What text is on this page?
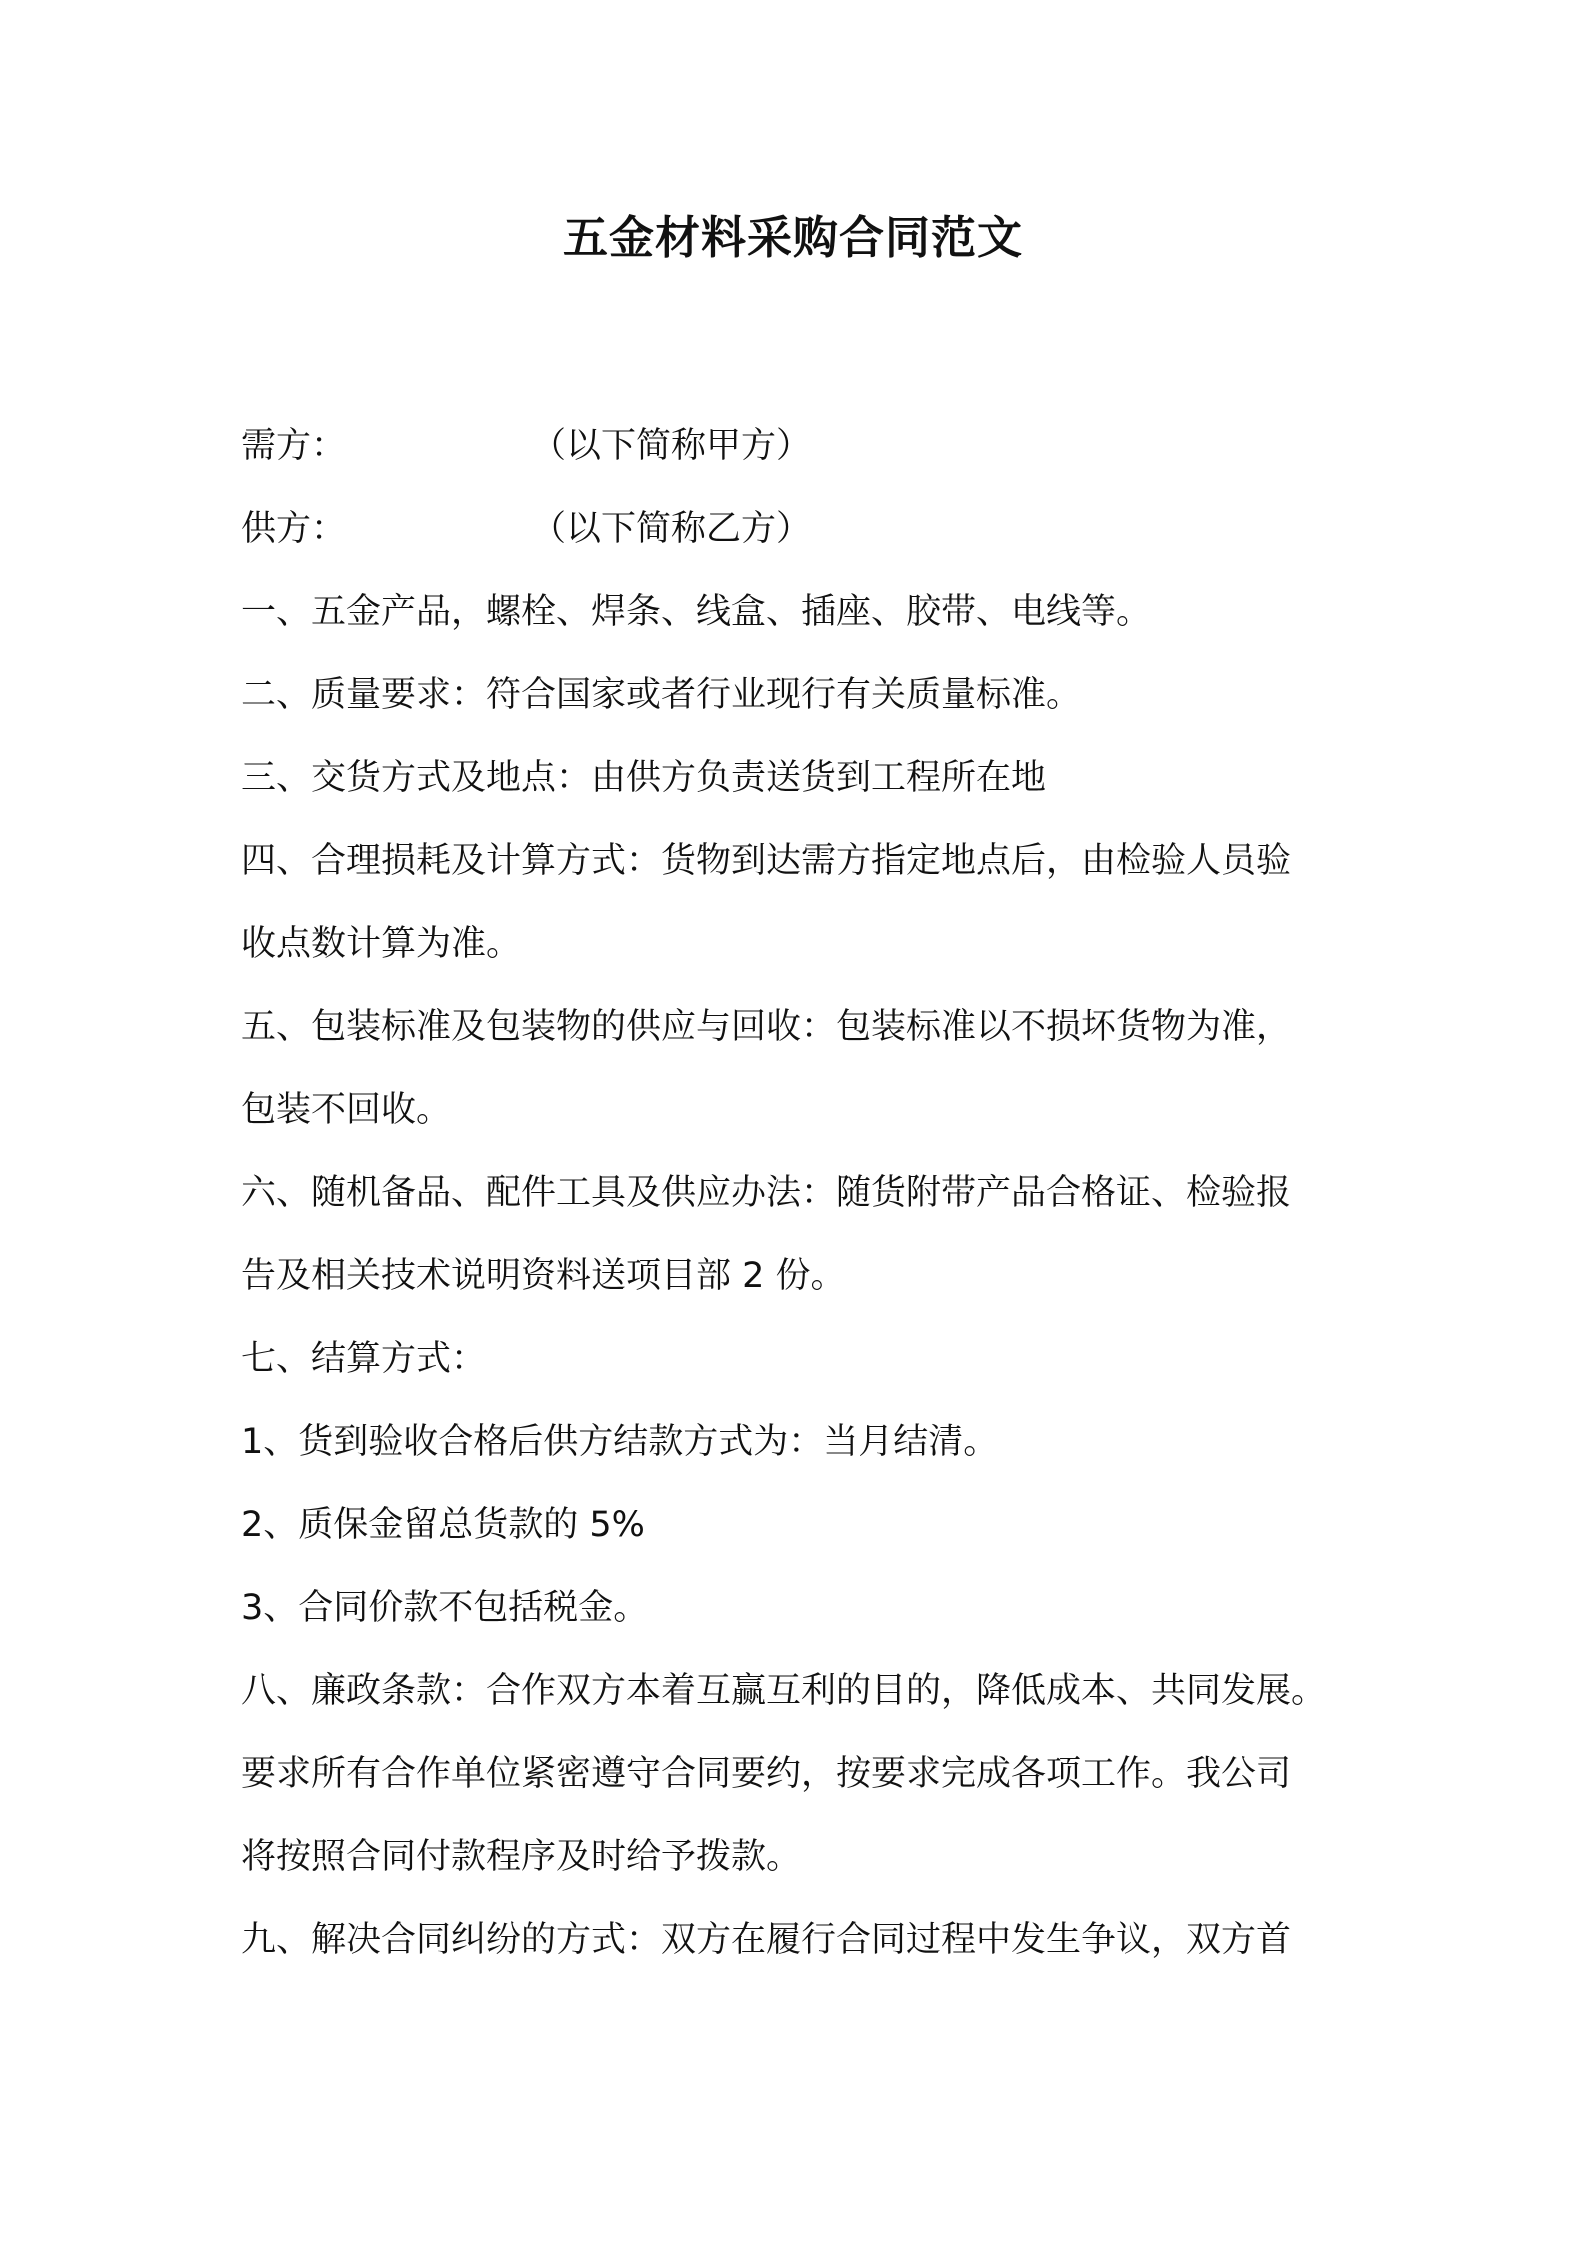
五金材料采购合同范文
需方：	（以下简称甲方）
供方：	（以下简称乙方）
一、五金产品，螺栓、焊条、线盒、插座、胶带、电线等。
二、质量要求：符合国家或者行业现行有关质量标准。
三、交货方式及地点：由供方负责送货到工程所在地
四、合理损耗及计算方式：货物到达需方指定地点后，由检验人员验
收点数计算为准。
五、包装标准及包装物的供应与回收：包装标准以不损坏货物为准，
包装不回收。
六、随机备品、配件工具及供应办法：随货附带产品合格证、检验报
告及相关技术说明资料送项目部 2 份。
七、结算方式：
1、货到验收合格后供方结款方式为：当月结清。
2、质保金留总货款的 5%
3、合同价款不包括税金。
八、廉政条款：合作双方本着互赢互利的目的，降低成本、共同发展。
要求所有合作单位紧密遵守合同要约，按要求完成各项工作。我公司
将按照合同付款程序及时给予拨款。
九、解决合同纠纷的方式：双方在履行合同过程中发生争议，双方首
